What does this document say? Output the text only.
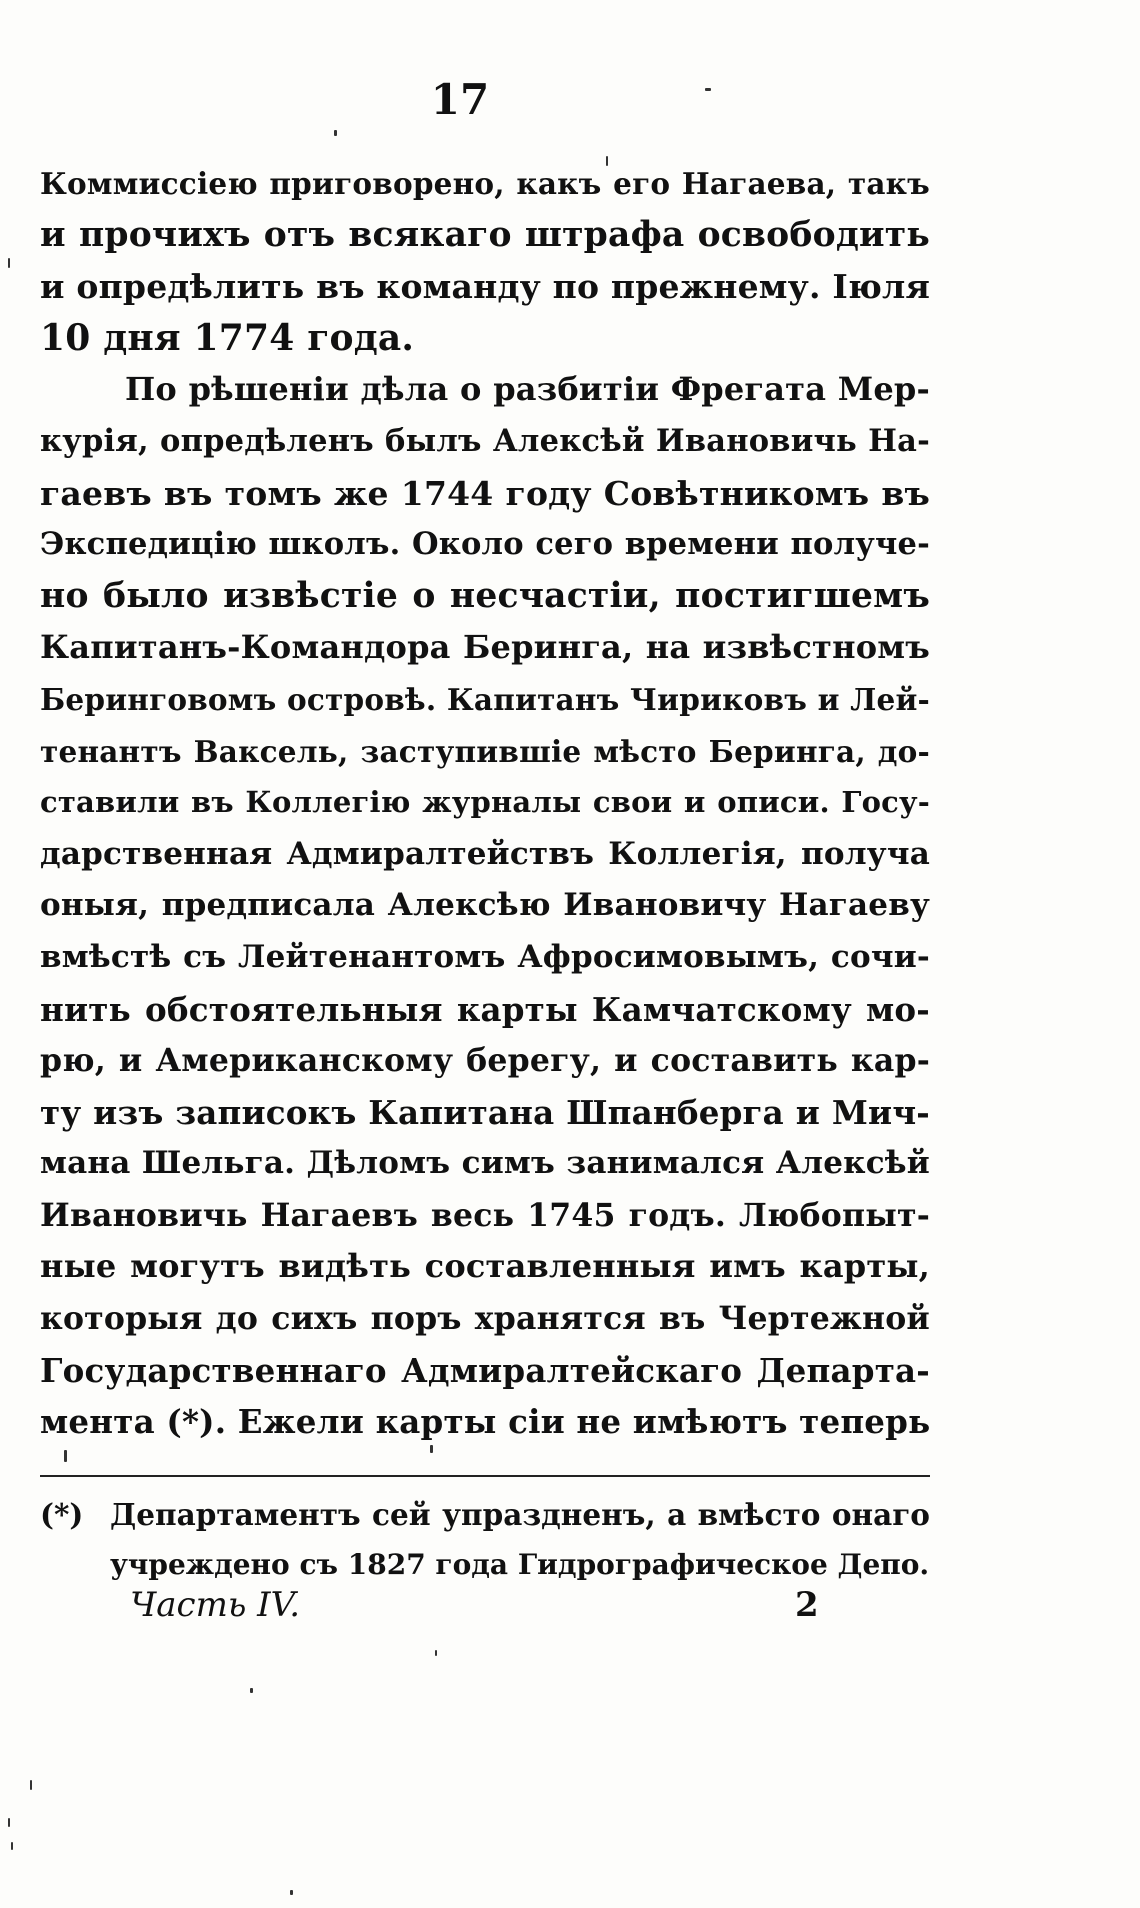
17
Коммиссiею приговорено, какъ его Нагаева, такъ
и прочихъ отъ всякаго штрафа освободить
и опредѣлить въ команду по прежнему. Iюля
10 дня 1774 года.
По рѣшенiи дѣла о разбитiи Фрегата Мер-
курiя, опредѣленъ былъ Алексѣй Ивановичь На-
гаевъ въ томъ же 1744 году Совѣтникомъ въ
Экспедицiю школъ. Около сего времени получе-
но было извѣстiе о несчастiи, постигшемъ
Капитанъ-Командора Беринга, на извѣстномъ
Беринговомъ островѣ. Капитанъ Чириковъ и Лей-
тенантъ Ваксель, заступившiе мѣсто Беринга, до-
ставили въ Коллегiю журналы свои и описи. Госу-
дарственная Адмиралтействъ Коллегiя, получа
оныя, предписала Алексѣю Ивановичу Нагаеву
вмѣстѣ съ Лейтенантомъ Афросимовымъ, сочи-
нить обстоятельныя карты Камчатскому мо-
рю, и Американскому берегу, и составить кар-
ту изъ записокъ Капитана Шпанберга и Мич-
мана Шельга. Дѣломъ симъ занимался Алексѣй
Ивановичь Нагаевъ весь 1745 годъ. Любопыт-
ные могутъ видѣть составленныя имъ карты,
которыя до сихъ поръ хранятся въ Чертежной
Государственнаго Адмиралтейскаго Департа-
мента (*). Ежели карты сiи не имѣютъ теперь
(*) Департаментъ сей упраздненъ, а вмѣсто онаго
учреждено съ 1827 года Гидрографическое Депо.
Часть IV.	2
